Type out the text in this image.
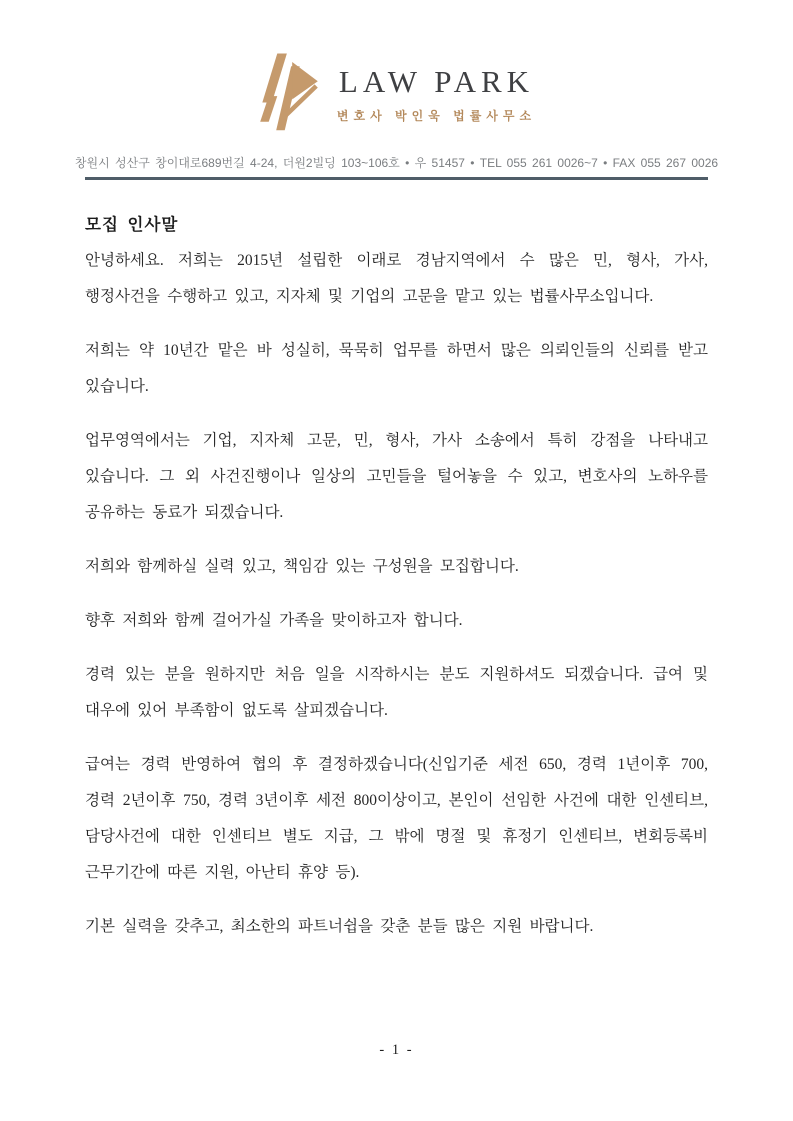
LAW PARK
변호사 박인욱 법률사무소
창원시 성산구 창이대로689번길 4-24, 더원2빌딩 103~106호 • 우 51457 • TEL 055 261 0026~7 • FAX 055 267 0026
모집 인사말

안녕하세요. 저희는 2015년 설립한 이래로 경남지역에서 수 많은 민, 형사, 가사, 행정사건을 수행하고 있고, 지자체 및 기업의 고문을 맡고 있는 법률사무소입니다.

저희는 약 10년간 맡은 바 성실히, 묵묵히 업무를 하면서 많은 의뢰인들의 신뢰를 받고 있습니다.

업무영역에서는 기업, 지자체 고문, 민, 형사, 가사 소송에서 특히 강점을 나타내고 있습니다. 그 외 사건진행이나 일상의 고민들을 털어놓을 수 있고, 변호사의 노하우를 공유하는 동료가 되겠습니다.

저희와 함께하실 실력 있고, 책임감 있는 구성원을 모집합니다.

향후 저희와 함께 걸어가실 가족을 맞이하고자 합니다.

경력 있는 분을 원하지만 처음 일을 시작하시는 분도 지원하셔도 되겠습니다. 급여 및 대우에 있어 부족함이 없도록 살피겠습니다.

급여는 경력 반영하여 협의 후 결정하겠습니다(신입기준 세전 650, 경력 1년이후 700, 경력 2년이후 750, 경력 3년이후 세전 800이상이고, 본인이 선임한 사건에 대한 인센티브, 담당사건에 대한 인센티브 별도 지급, 그 밖에 명절 및 휴정기 인센티브, 변회등록비 근무기간에 따른 지원, 아난티 휴양 등).

기본 실력을 갖추고, 최소한의 파트너쉽을 갖춘 분들 많은 지원 바랍니다.

- 1 -
